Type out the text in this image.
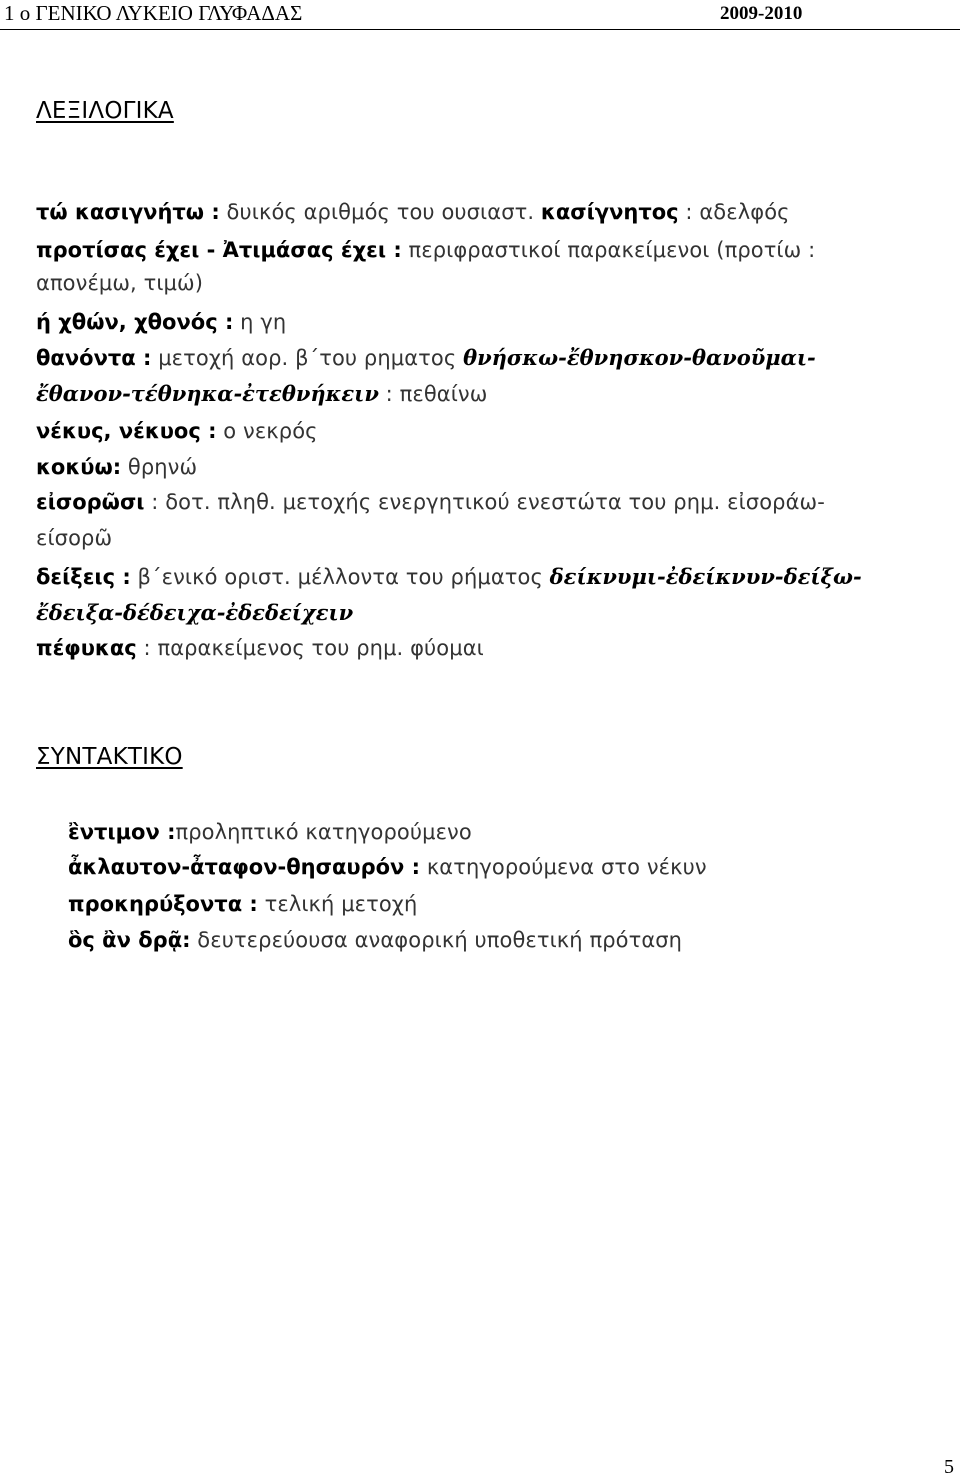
1 ο ΓΕΝΙΚΟ ΛΥΚΕΙΟ ΓΛΥΦΑΔΑΣ	2009-2010
ΛΕΞΙΛΟΓΙΚΑ
τώ κασιγνήτω : δυικός αριθμός του ουσιαστ. κασίγνητος : αδελφός
προτίσας έχει - Ἀτιμάσας έχει : περιφραστικοί παρακείμενοι (προτίω :
απονέμω, τιμώ)
ή χθών, χθονός : η γη
θανόντα : μετοχή αορ. β΄του ρηματος θνήσκω-ἔθνησκον-θανοῦμαι-
ἔθανον-τέθνηκα-ἐτεθνήκειν : πεθαίνω
νέκυς, νέκυος : ο νεκρός
κοκύω: θρηνώ
εἰσορῶσι : δοτ. πληθ. μετοχής ενεργητικού ενεστώτα του ρημ. εἰσοράω-
είσορῶ
δείξεις : β΄ενικό οριστ. μέλλοντα του ρήματος δείκνυμι-ἐδείκνυν-δείξω-
ἔδειξα-δέδειχα-ἐδεδείχειν
πέφυκας : παρακείμενος του ρημ. φύομαι
ΣΥΝΤΑΚΤΙΚΟ
ἒντιμον :προληπτικό κατηγορούμενο
ἆκλαυτον-ἆταφον-θησαυρόν : κατηγορούμενα στο νέκυν
προκηρύξοντα : τελική μετοχή
ὃς ἂν δρᾷ: δευτερεύουσα αναφορική υποθετική πρόταση
5
